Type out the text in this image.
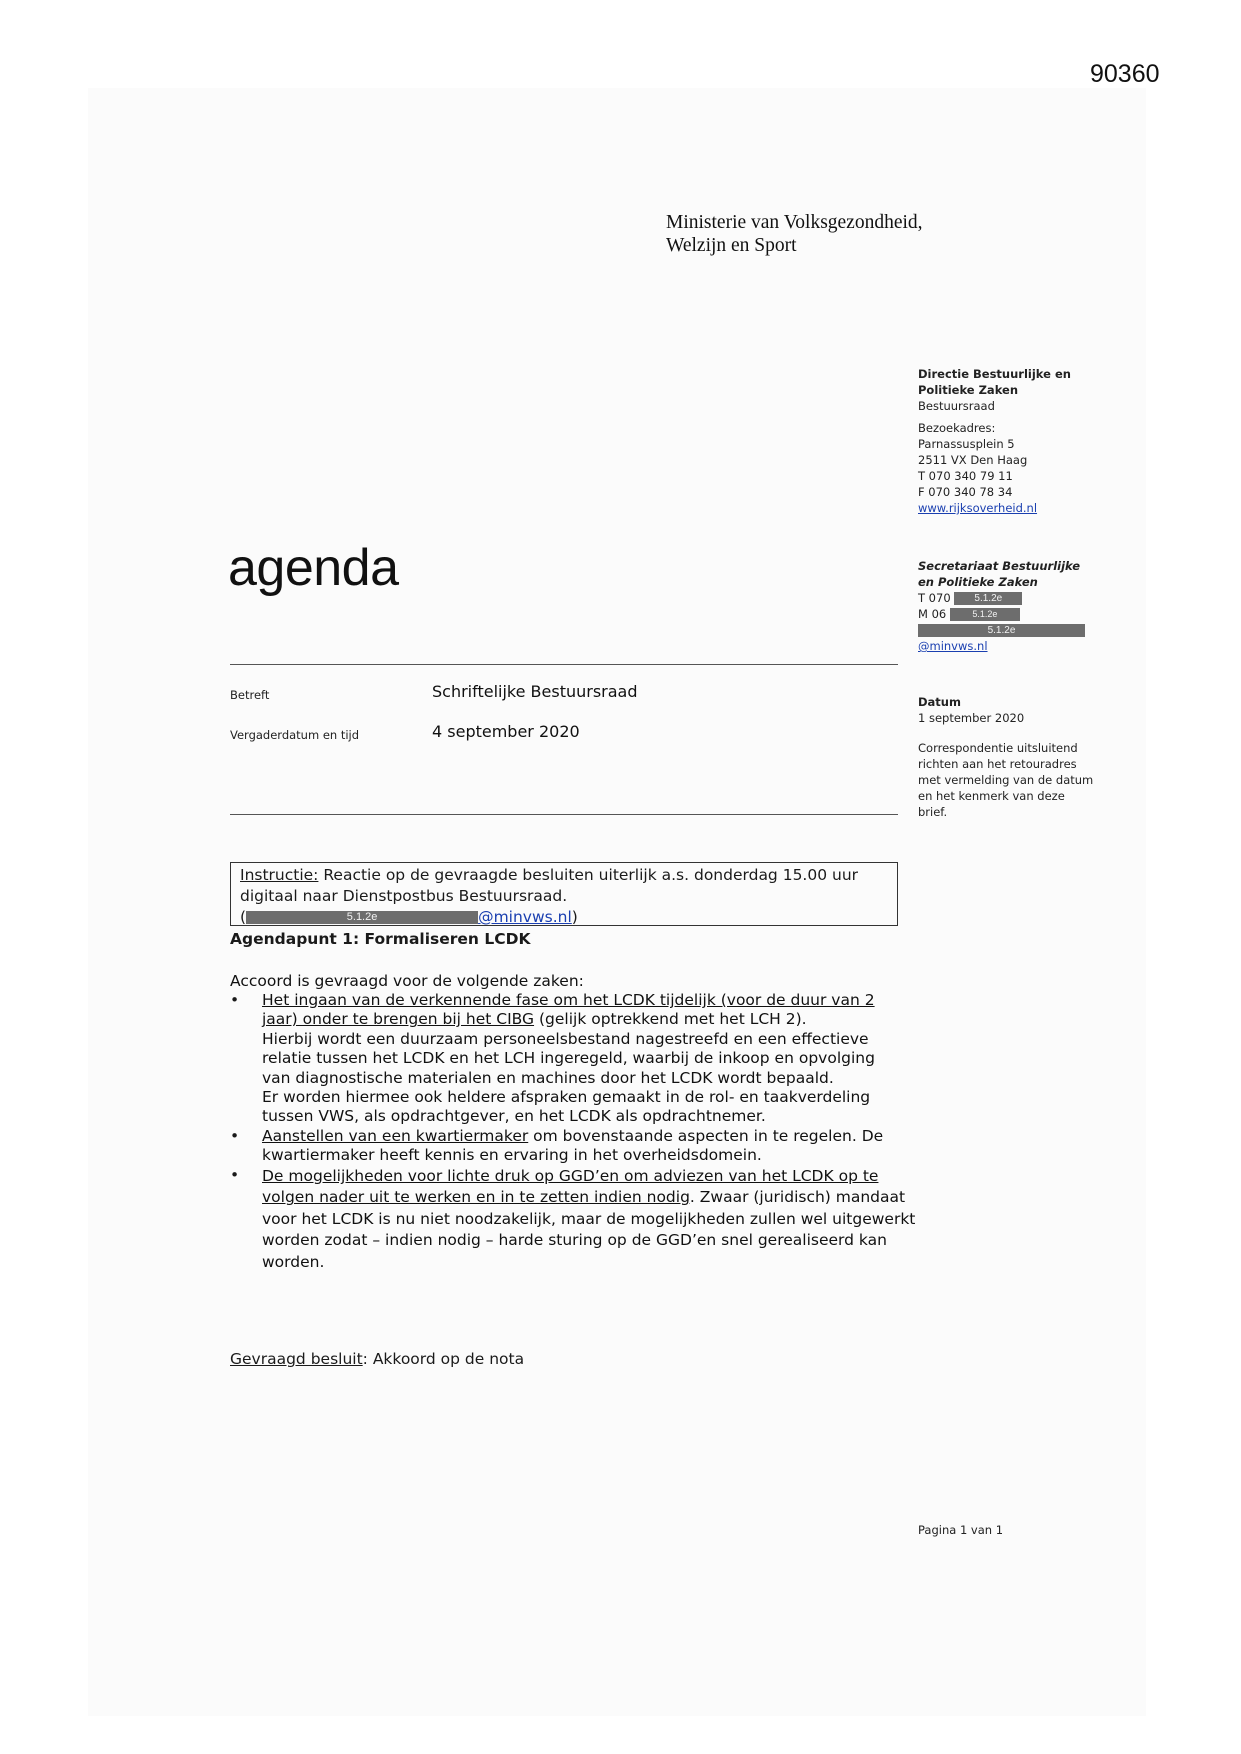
90360
Ministerie van Volksgezondheid,
Welzijn en Sport
Directie Bestuurlijke en
Politieke Zaken
Bestuursraad
Bezoekadres:
Parnassusplein 5
2511 VX Den Haag
T 070 340 79 11
F 070 340 78 34
www.rijksoverheid.nl
Secretariaat Bestuurlijke
en Politieke Zaken
T 070 5.1.2e
M 06	5.1.2e
5.1.2e
@minvws.nl
Datum
1 september 2020
Correspondentie uitsluitend
richten aan het retouradres
met vermelding van de datum
en het kenmerk van deze
brief.
agenda
Betreft	Schriftelijke Bestuursraad
Vergaderdatum en tijd	4 september 2020
Instructie: Reactie op de gevraagde besluiten uiterlijk a.s. donderdag 15.00 uur
digitaal naar Dienstpostbus Bestuursraad.
(	5.1.2e	@minvws.nl)
Agendapunt 1: Formaliseren LCDK
Accoord is gevraagd voor de volgende zaken:
• Het ingaan van de verkennende fase om het LCDK tijdelijk (voor de duur van 2
jaar) onder te brengen bij het CIBG (gelijk optrekkend met het LCH 2).
Hierbij wordt een duurzaam personeelsbestand nagestreefd en een effectieve
relatie tussen het LCDK en het LCH ingeregeld, waarbij de inkoop en opvolging
van diagnostische materialen en machines door het LCDK wordt bepaald.
Er worden hiermee ook heldere afspraken gemaakt in de rol- en taakverdeling
tussen VWS, als opdrachtgever, en het LCDK als opdrachtnemer.
• Aanstellen van een kwartiermaker om bovenstaande aspecten in te regelen. De
kwartiermaker heeft kennis en ervaring in het overheidsdomein.
• De mogelijkheden voor lichte druk op GGD’en om adviezen van het LCDK op te
volgen nader uit te werken en in te zetten indien nodig. Zwaar (juridisch) mandaat
voor het LCDK is nu niet noodzakelijk, maar de mogelijkheden zullen wel uitgewerkt
worden zodat – indien nodig – harde sturing op de GGD’en snel gerealiseerd kan
worden.
Gevraagd besluit: Akkoord op de nota
Pagina 1 van 1
